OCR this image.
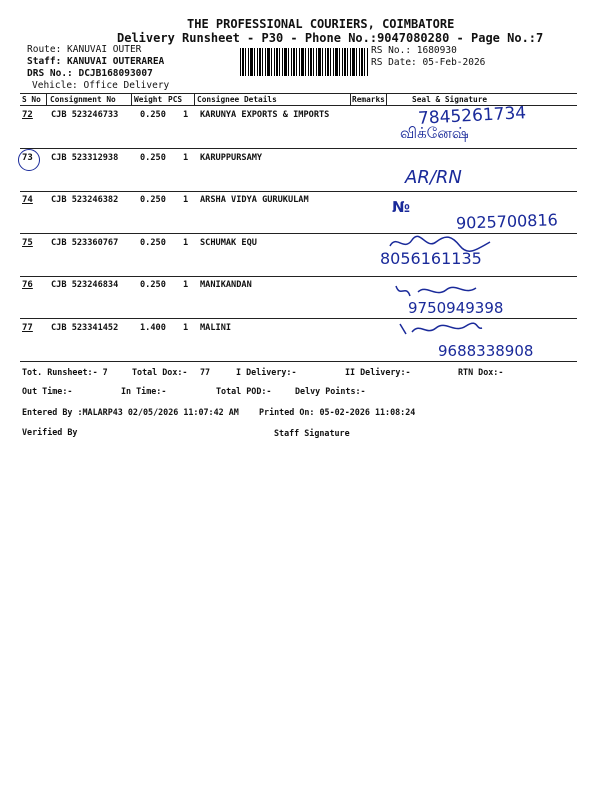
THE PROFESSIONAL COURIERS, COIMBATORE
Delivery Runsheet - P30 - Phone No.:9047080280 - Page No.:7
Route: KANUVAI OUTER
Staff: KANUVAI OUTERAREA
DRS No.: DCJB168093007
Vehicle: Office Delivery
RS No.: 1680930
RS Date: 05-Feb-2026
S No Consignment No Weight PCS Consignee Details	Remarks	Seal & Signature
72 CJB 523246733	0.250 1 KARUNYA EXPORTS & IMPORTS	7845261734
விக்னேஷ்
73 CJB 523312938	0.250 1 KARUPPURSAMY
AR/RN
74 CJB 523246382	0.250 1 ARSHA VIDYA GURUKULAM	№
9025700816
75 CJB 523360767	0.250 1 SCHUMAK EQU
8056161135
76 CJB 523246834	0.250 1 MANIKANDAN
9750949398
77 CJB 523341452	1.400 1 MALINI
9688338908
Tot. Runsheet:- 7	Total Dox:- 77	I Delivery:-	II Delivery:-	RTN Dox:-
Out Time:-	In Time:-	Total POD:-	Delvy Points:-
Entered By :MALARP43 02/05/2026 11:07:42 AM Printed On: 05-02-2026 11:08:24
Verified By	Staff Signature
